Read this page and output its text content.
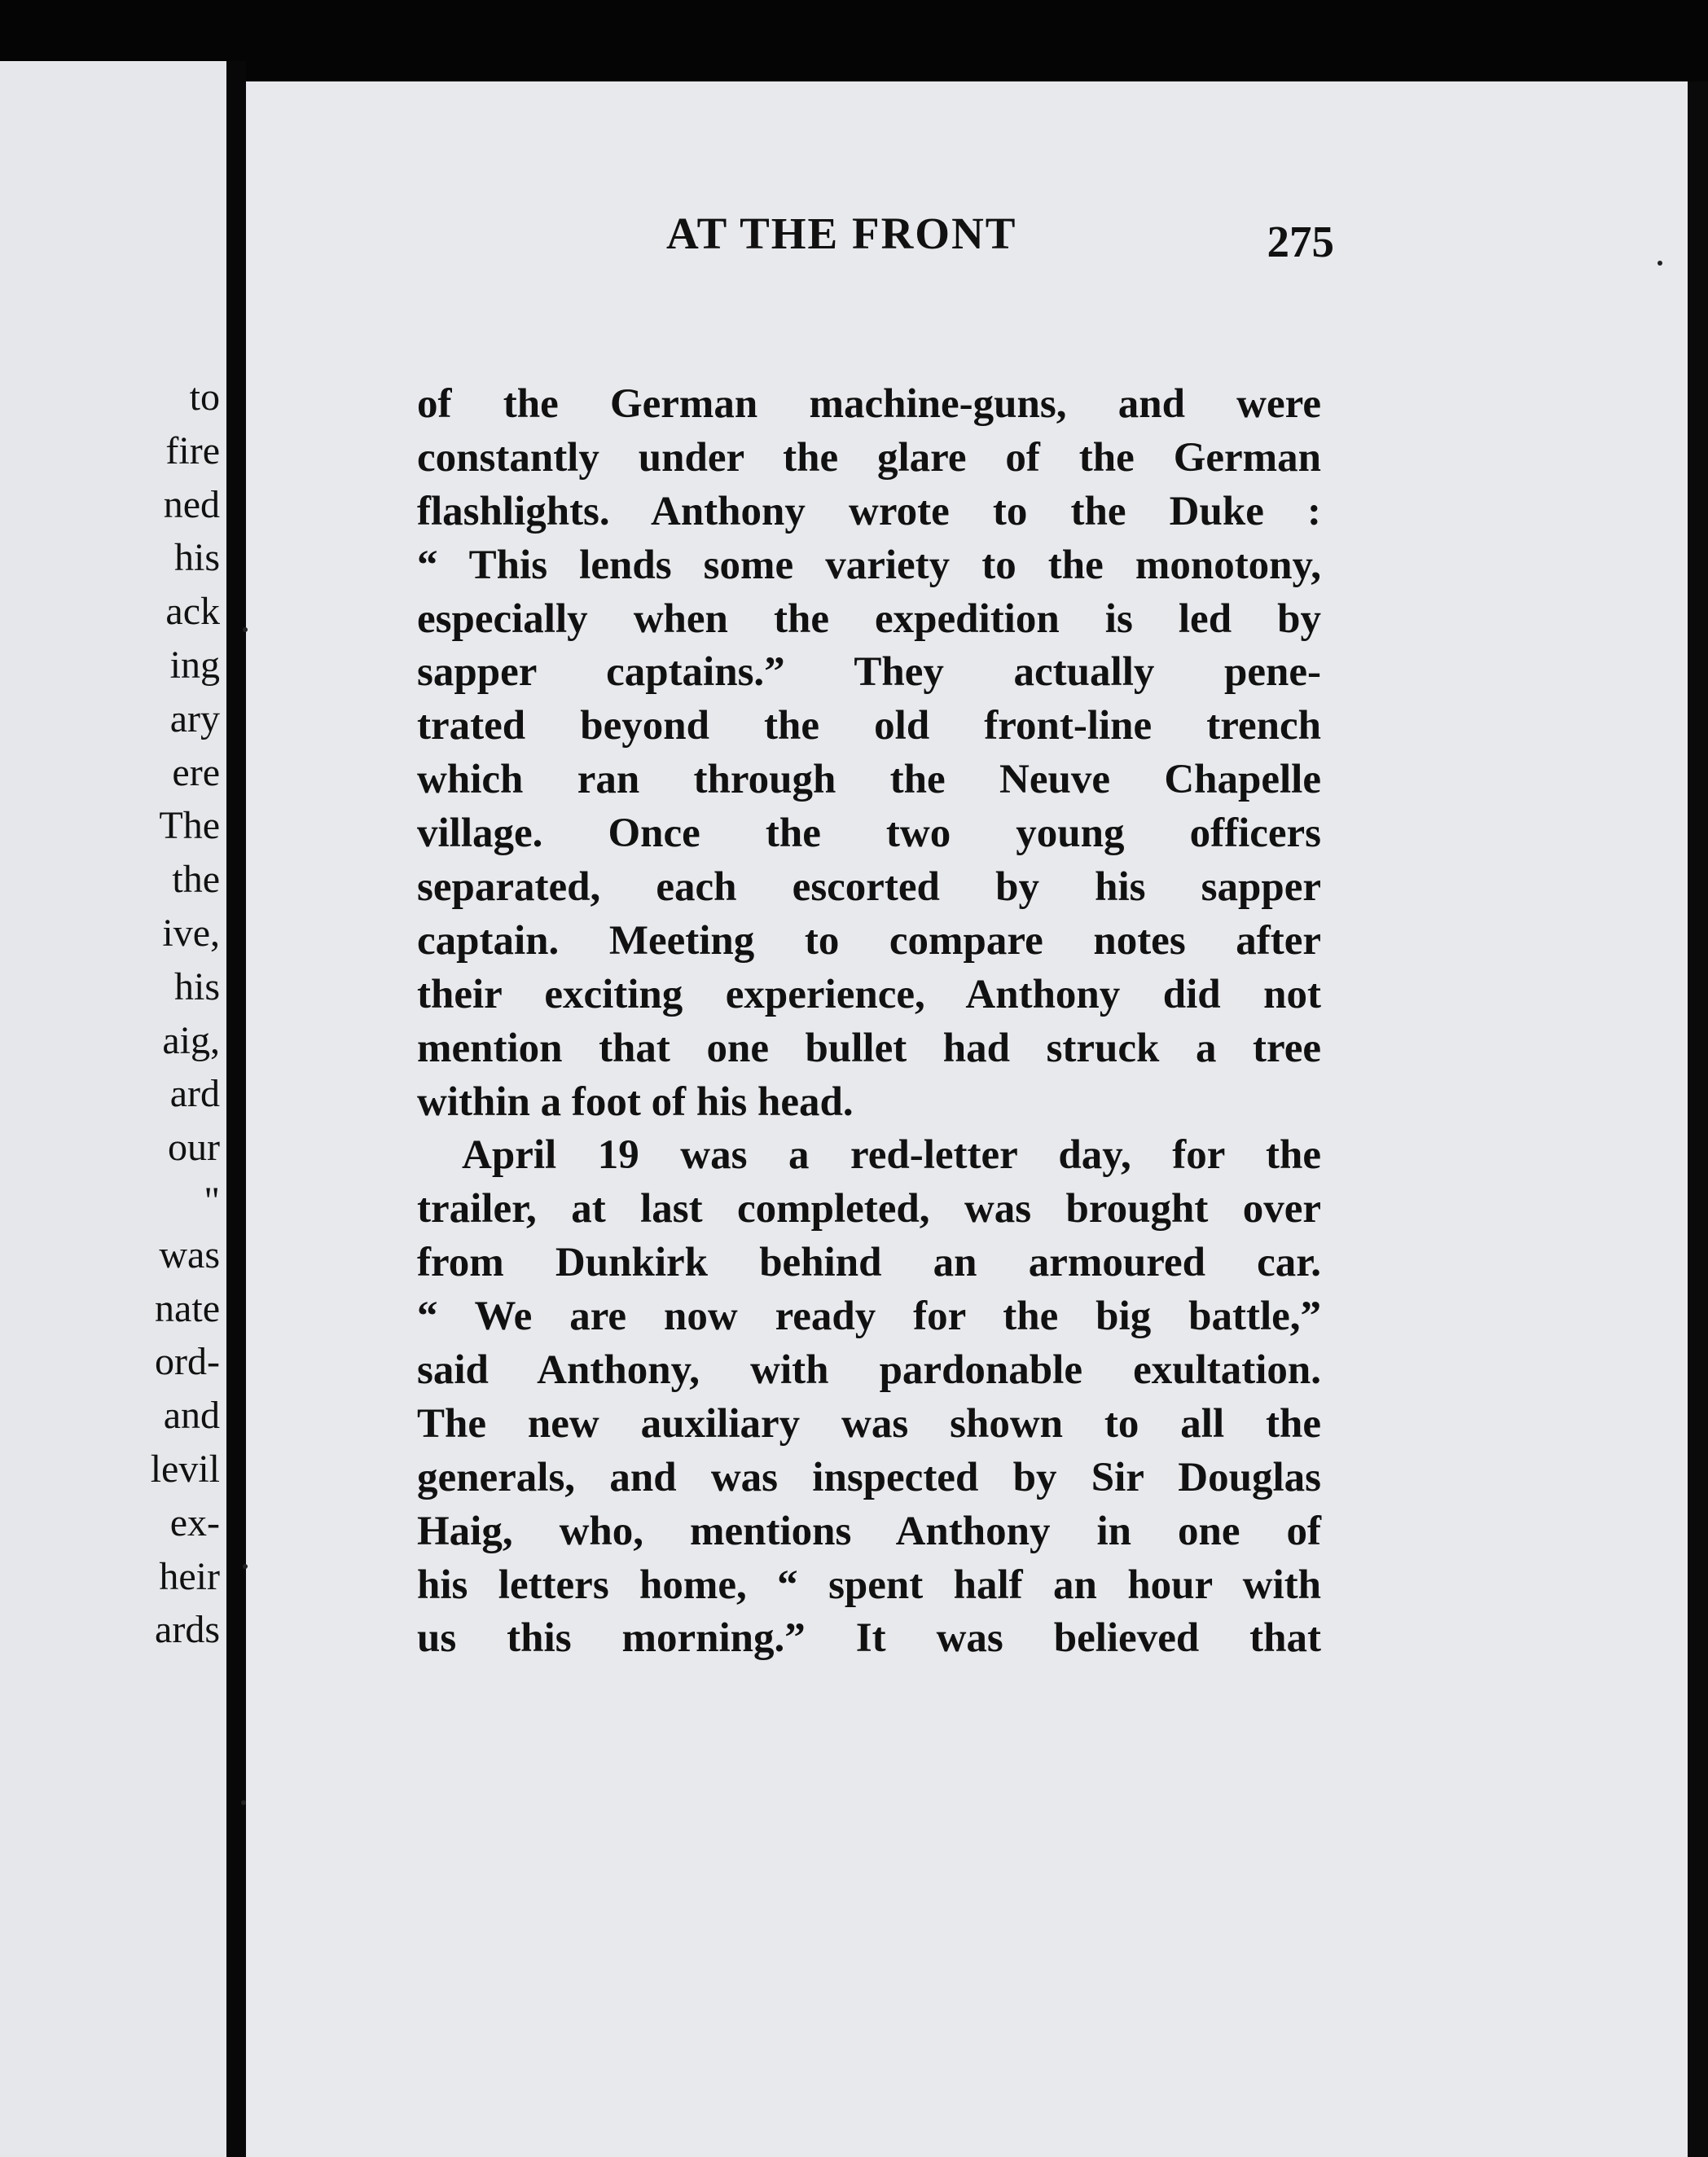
to
fire
ned
his
ack
ing
ary
ere
The
the
ive,
his
aig,
ard
our
"
was
nate
ord-
and
levil
ex-
heir
ards
AT THE FRONT	275
of the German machine-guns, and were
constantly under the glare of the German
flashlights. Anthony wrote to the Duke :
“ This lends some variety to the monotony,
especially when the expedition is led by
sapper captains.” They actually pene-
trated beyond the old front-line trench
which ran through the Neuve Chapelle
village. Once the two young officers
separated, each escorted by his sapper
captain. Meeting to compare notes after
their exciting experience, Anthony did not
mention that one bullet had struck a tree
within a foot of his head.
April 19 was a red-letter day, for the
trailer, at last completed, was brought over
from Dunkirk behind an armoured car.
“ We are now ready for the big battle,”
said Anthony, with pardonable exultation.
The new auxiliary was shown to all the
generals, and was inspected by Sir Douglas
Haig, who, mentions Anthony in one of
his letters home, “ spent half an hour with
us this morning.” It was believed that
